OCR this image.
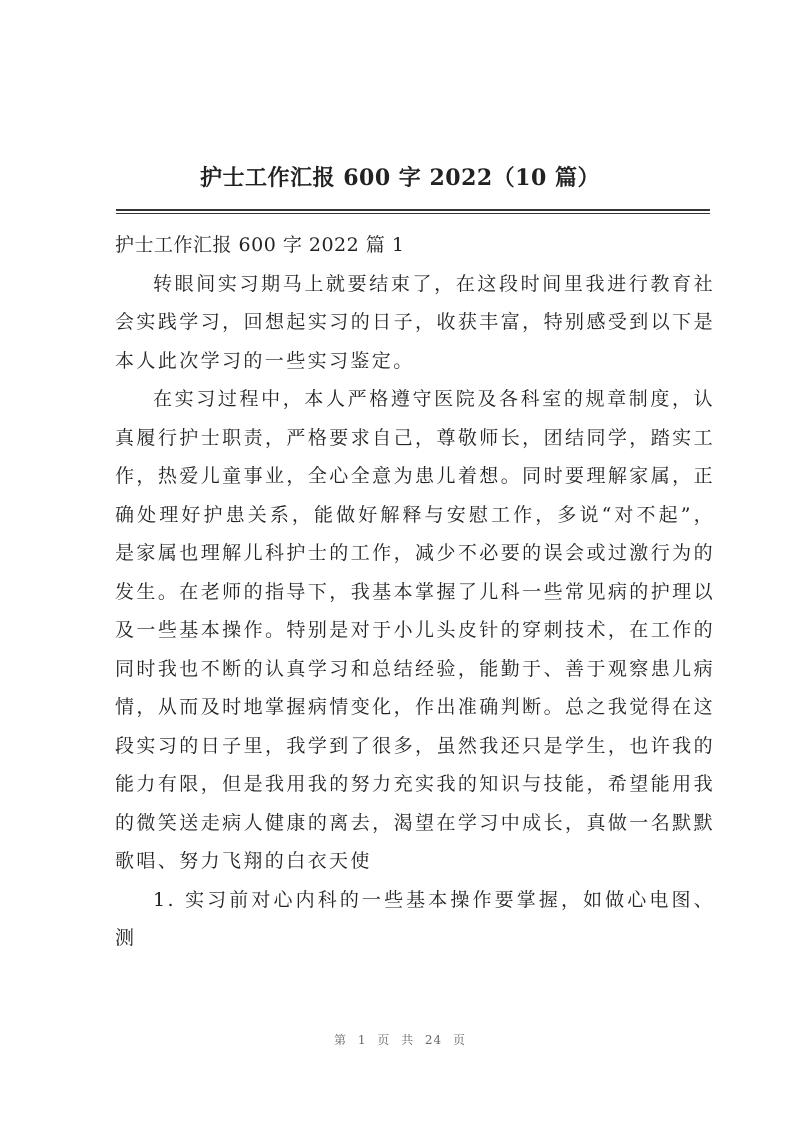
护士工作汇报 600 字 2022（10 篇）
护士工作汇报 600 字 2022 篇 1

转眼间实习期马上就要结束了，在这段时间里我进行教育社会实践学习，回想起实习的日子，收获丰富，特别感受到以下是本人此次学习的一些实习鉴定。

在实习过程中，本人严格遵守医院及各科室的规章制度，认真履行护士职责，严格要求自己，尊敬师长，团结同学，踏实工作，热爱儿童事业，全心全意为患儿着想。同时要理解家属，正确处理好护患关系，能做好解释与安慰工作，多说“对不起”，是家属也理解儿科护士的工作，减少不必要的误会或过激行为的发生。在老师的指导下，我基本掌握了儿科一些常见病的护理以及一些基本操作。特别是对于小儿头皮针的穿刺技术，在工作的同时我也不断的认真学习和总结经验，能勤于、善于观察患儿病情，从而及时地掌握病情变化，作出准确判断。总之我觉得在这段实习的日子里，我学到了很多，虽然我还只是学生，也许我的能力有限，但是我用我的努力充实我的知识与技能，希望能用我的微笑送走病人健康的离去，渴望在学习中成长，真做一名默默歌唱、努力飞翔的白衣天使

1. 实习前对心内科的一些基本操作要掌握，如做心电图、测

第 1 页 共 24 页
